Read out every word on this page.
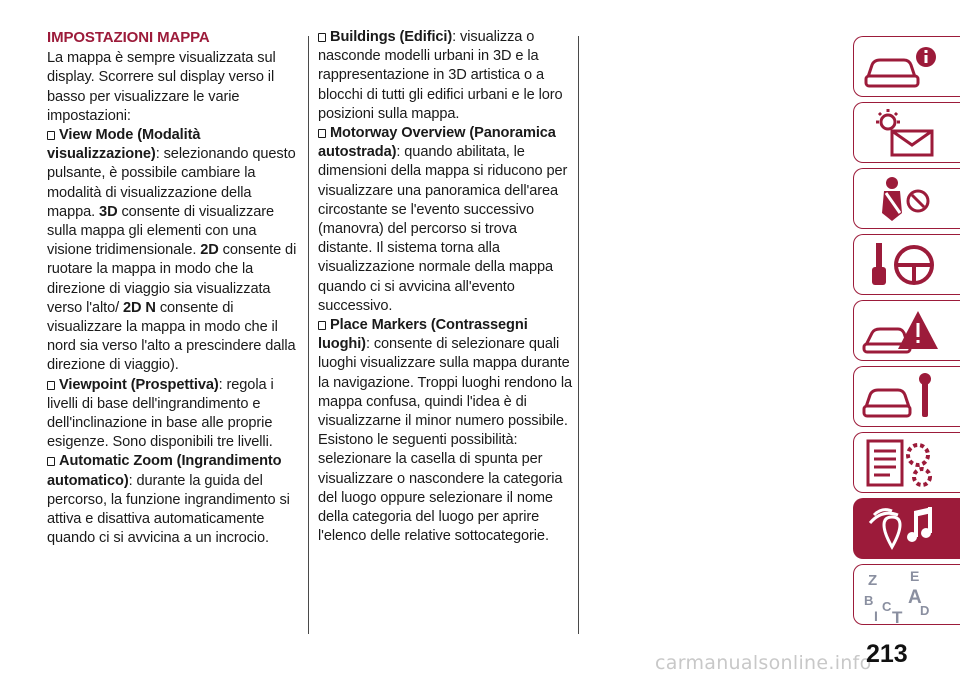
IMPOSTAZIONI MAPPA

La mappa è sempre visualizzata sul display. Scorrere sul display verso il basso per visualizzare le varie impostazioni:

View Mode (Modalità visualizzazione): selezionando questo pulsante, è possibile cambiare la modalità di visualizzazione della mappa. 3D consente di visualizzare sulla mappa gli elementi con una visione tridimensionale. 2D consente di ruotare la mappa in modo che la direzione di viaggio sia visualizzata verso l'alto/ 2D N consente di visualizzare la mappa in modo che il nord sia verso l'alto a prescindere dalla direzione di viaggio).

Viewpoint (Prospettiva): regola i livelli di base dell'ingrandimento e dell'inclinazione in base alle proprie esigenze. Sono disponibili tre livelli.

Automatic Zoom (Ingrandimento automatico): durante la guida del percorso, la funzione ingrandimento si attiva e disattiva automaticamente quando ci si avvicina a un incrocio.

Buildings (Edifici): visualizza o nasconde modelli urbani in 3D e la rappresentazione in 3D artistica o a blocchi di tutti gli edifici urbani e le loro posizioni sulla mappa.

Motorway Overview (Panoramica autostrada): quando abilitata, le dimensioni della mappa si riducono per visualizzare una panoramica dell'area circostante se l'evento successivo (manovra) del percorso si trova distante. Il sistema torna alla visualizzazione normale della mappa quando ci si avvicina all'evento successivo.

Place Markers (Contrassegni luoghi): consente di selezionare quali luoghi visualizzare sulla mappa durante la navigazione. Troppi luoghi rendono la mappa confusa, quindi l'idea è di visualizzarne il minor numero possibile. Esistono le seguenti possibilità: selezionare la casella di spunta per visualizzare o nascondere la categoria del luogo oppure selezionare il nome della categoria del luogo per aprire l'elenco delle relative sottocategorie.

Z E
B A
C D
T
I
carmanualsonline.info
213
